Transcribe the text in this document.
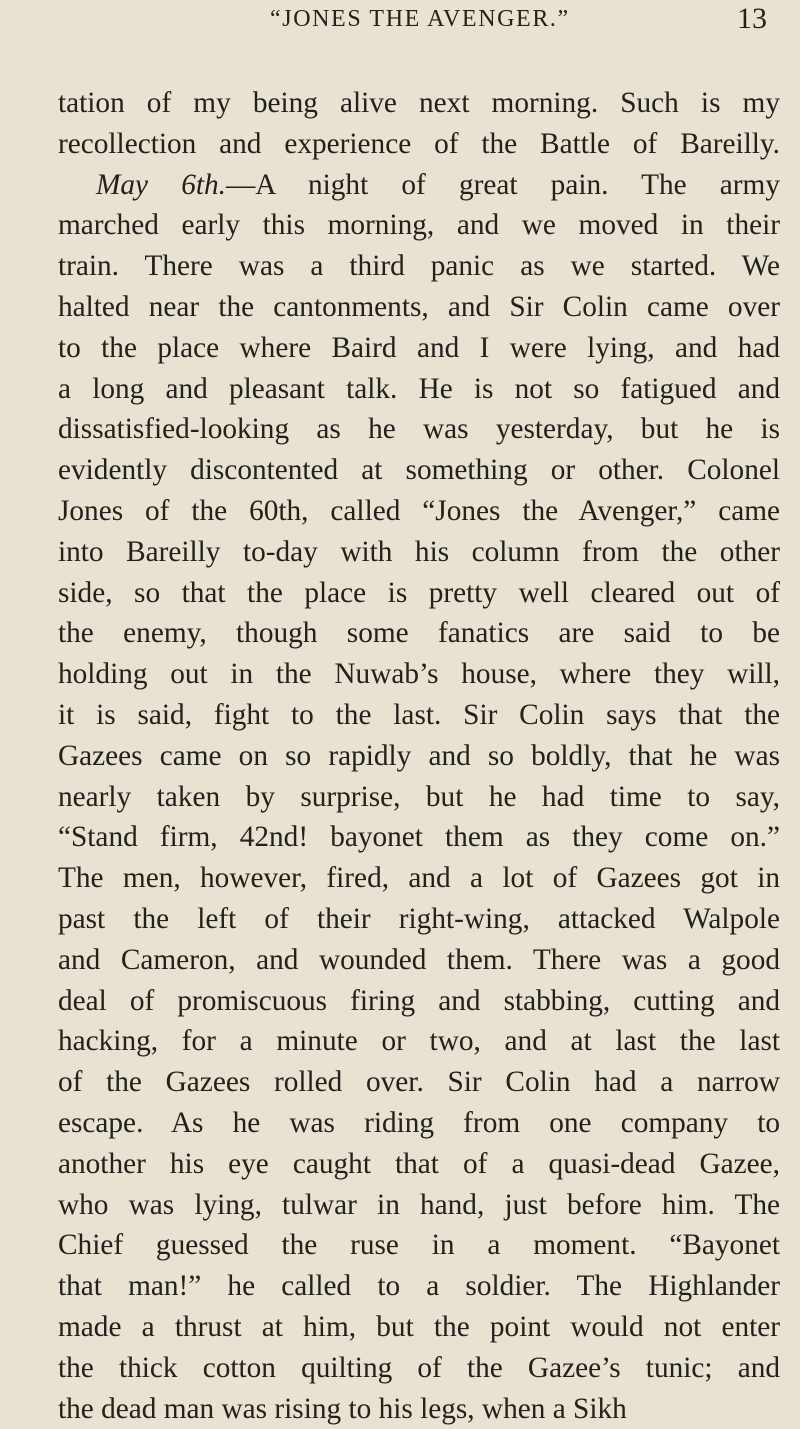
“JONES THE AVENGER.”	13
tation of my being alive next morning. Such is my
recollection and experience of the Battle of Bareilly.
May 6th.—A night of great pain. The army
marched early this morning, and we moved in their
train. There was a third panic as we started. We
halted near the cantonments, and Sir Colin came over
to the place where Baird and I were lying, and had
a long and pleasant talk. He is not so fatigued and
dissatisfied-looking as he was yesterday, but he is
evidently discontented at something or other. Colonel
Jones of the 60th, called “Jones the Avenger,” came
into Bareilly to-day with his column from the other
side, so that the place is pretty well cleared out of
the enemy, though some fanatics are said to be
holding out in the Nuwab’s house, where they will,
it is said, fight to the last. Sir Colin says that the
Gazees came on so rapidly and so boldly, that he was
nearly taken by surprise, but he had time to say,
“Stand firm, 42nd! bayonet them as they come on.”
The men, however, fired, and a lot of Gazees got in
past the left of their right-wing, attacked Walpole
and Cameron, and wounded them. There was a good
deal of promiscuous firing and stabbing, cutting and
hacking, for a minute or two, and at last the last
of the Gazees rolled over. Sir Colin had a narrow
escape. As he was riding from one company to
another his eye caught that of a quasi-dead Gazee,
who was lying, tulwar in hand, just before him. The
Chief guessed the ruse in a moment. “Bayonet
that man!” he called to a soldier. The Highlander
made a thrust at him, but the point would not enter
the thick cotton quilting of the Gazee’s tunic; and
the dead man was rising to his legs, when a Sikh
